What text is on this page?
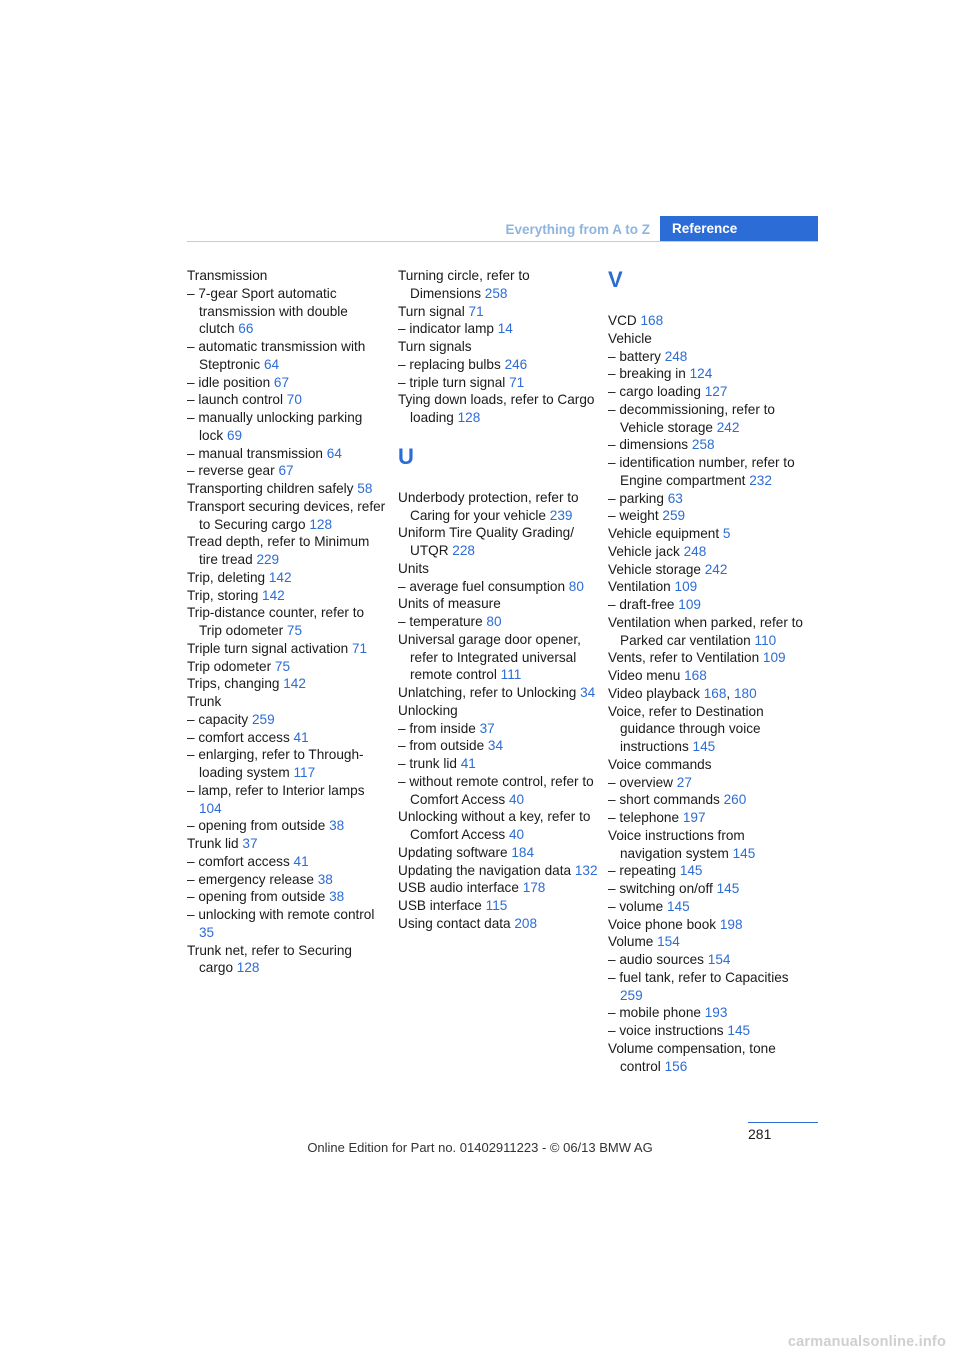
Everything from A to Z	Reference
Transmission
– 7-gear Sport automatic transmission with double clutch 66
– automatic transmission with Steptronic 64
– idle position 67
– launch control 70
– manually unlocking parking lock 69
– manual transmission 64
– reverse gear 67
Transporting children safely 58
Transport securing devices, refer to Securing cargo 128
Tread depth, refer to Minimum tire tread 229
Trip, deleting 142
Trip, storing 142
Trip-distance counter, refer to Trip odometer 75
Triple turn signal activation 71
Trip odometer 75
Trips, changing 142
Trunk
– capacity 259
– comfort access 41
– enlarging, refer to Through-loading system 117
– lamp, refer to Interior lamps 104
– opening from outside 38
Trunk lid 37
– comfort access 41
– emergency release 38
– opening from outside 38
– unlocking with remote control 35
Trunk net, refer to Securing cargo 128
Turning circle, refer to Dimensions 258
Turn signal 71
– indicator lamp 14
Turn signals
– replacing bulbs 246
– triple turn signal 71
Tying down loads, refer to Cargo loading 128
U
Underbody protection, refer to Caring for your vehicle 239
Uniform Tire Quality Grading/ UTQR 228
Units
– average fuel consumption 80
Units of measure
– temperature 80
Universal garage door opener, refer to Integrated universal remote control 111
Unlatching, refer to Unlocking 34
Unlocking
– from inside 37
– from outside 34
– trunk lid 41
– without remote control, refer to Comfort Access 40
Unlocking without a key, refer to Comfort Access 40
Updating software 184
Updating the navigation data 132
USB audio interface 178
USB interface 115
Using contact data 208
V
VCD 168
Vehicle
– battery 248
– breaking in 124
– cargo loading 127
– decommissioning, refer to Vehicle storage 242
– dimensions 258
– identification number, refer to Engine compartment 232
– parking 63
– weight 259
Vehicle equipment 5
Vehicle jack 248
Vehicle storage 242
Ventilation 109
– draft-free 109
Ventilation when parked, refer to Parked car ventilation 110
Vents, refer to Ventilation 109
Video menu 168
Video playback 168, 180
Voice, refer to Destination guidance through voice instructions 145
Voice commands
– overview 27
– short commands 260
– telephone 197
Voice instructions from navigation system 145
– repeating 145
– switching on/off 145
– volume 145
Voice phone book 198
Volume 154
– audio sources 154
– fuel tank, refer to Capacities 259
– mobile phone 193
– voice instructions 145
Volume compensation, tone control 156
281
Online Edition for Part no. 01402911223 - © 06/13 BMW AG
carmanualsonline.info
